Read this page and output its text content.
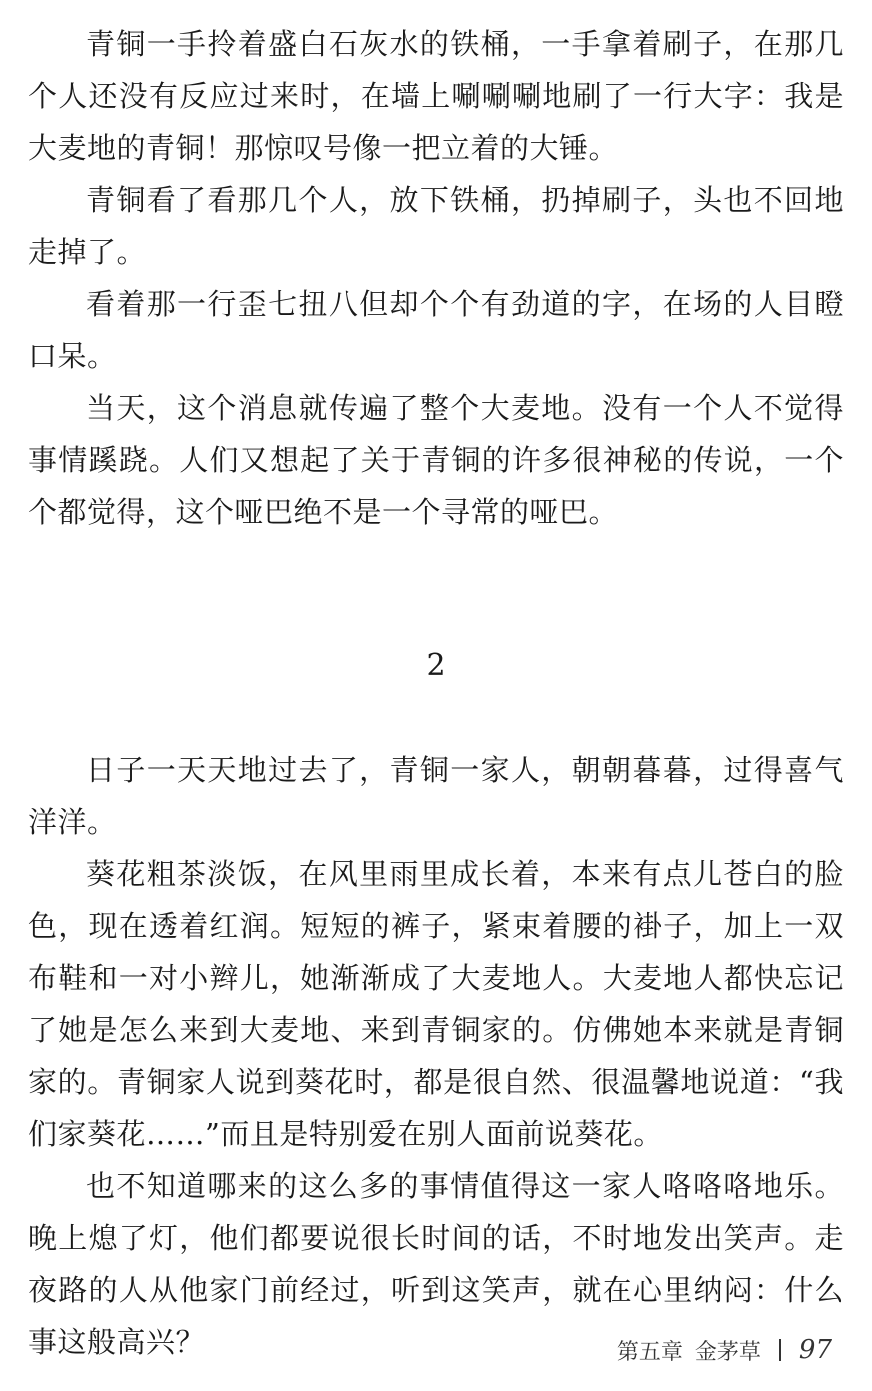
青铜一手拎着盛白石灰水的铁桶，一手拿着刷子，在那几个人还没有反应过来时，在墙上唰唰唰地刷了一行大字：我是大麦地的青铜！那惊叹号像一把立着的大锤。

青铜看了看那几个人，放下铁桶，扔掉刷子，头也不回地走掉了。

看着那一行歪七扭八但却个个有劲道的字，在场的人目瞪口呆。

当天，这个消息就传遍了整个大麦地。没有一个人不觉得事情蹊跷。人们又想起了关于青铜的许多很神秘的传说，一个个都觉得，这个哑巴绝不是一个寻常的哑巴。

2

日子一天天地过去了，青铜一家人，朝朝暮暮，过得喜气洋洋。

葵花粗茶淡饭，在风里雨里成长着，本来有点儿苍白的脸色，现在透着红润。短短的裤子，紧束着腰的褂子，加上一双布鞋和一对小辫儿，她渐渐成了大麦地人。大麦地人都快忘记了她是怎么来到大麦地、来到青铜家的。仿佛她本来就是青铜家的。青铜家人说到葵花时，都是很自然、很温馨地说道：“我们家葵花……”而且是特别爱在别人面前说葵花。

也不知道哪来的这么多的事情值得这一家人咯咯咯地乐。晚上熄了灯，他们都要说很长时间的话，不时地发出笑声。走夜路的人从他家门前经过，听到这笑声，就在心里纳闷：什么事这般高兴？	第五章 金茅草 97
